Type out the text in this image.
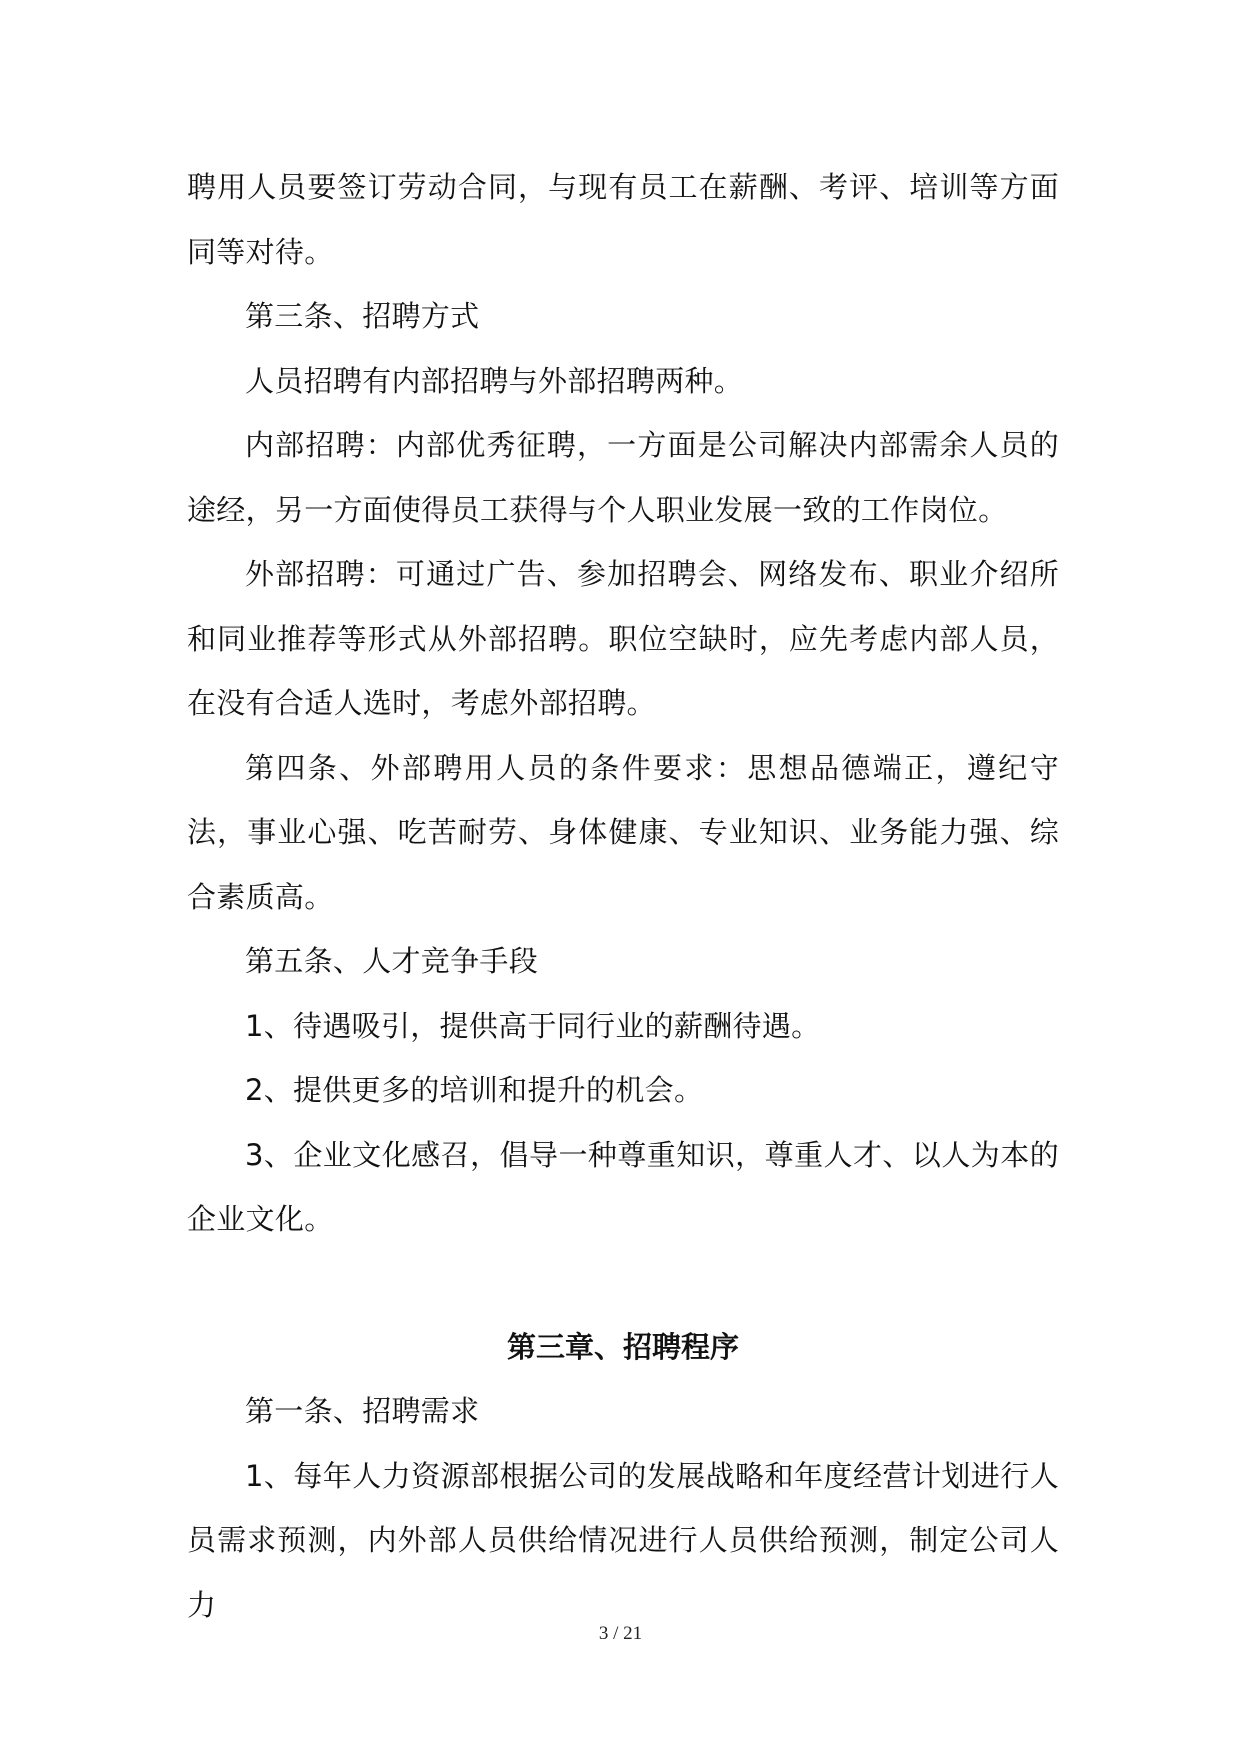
聘用人员要签订劳动合同，与现有员工在薪酬、考评、培训等方面同等对待。

第三条、招聘方式

人员招聘有内部招聘与外部招聘两种。

内部招聘：内部优秀征聘，一方面是公司解决内部需余人员的途经，另一方面使得员工获得与个人职业发展一致的工作岗位。

外部招聘：可通过广告、参加招聘会、网络发布、职业介绍所和同业推荐等形式从外部招聘。职位空缺时，应先考虑内部人员，在没有合适人选时，考虑外部招聘。

第四条、外部聘用人员的条件要求：思想品德端正，遵纪守法，事业心强、吃苦耐劳、身体健康、专业知识、业务能力强、综合素质高。

第五条、人才竞争手段

1、待遇吸引，提供高于同行业的薪酬待遇。

2、提供更多的培训和提升的机会。

3、企业文化感召，倡导一种尊重知识，尊重人才、以人为本的企业文化。

第三章、招聘程序

第一条、招聘需求

1、每年人力资源部根据公司的发展战略和年度经营计划进行人员需求预测，内外部人员供给情况进行人员供给预测，制定公司人力

3 / 21
